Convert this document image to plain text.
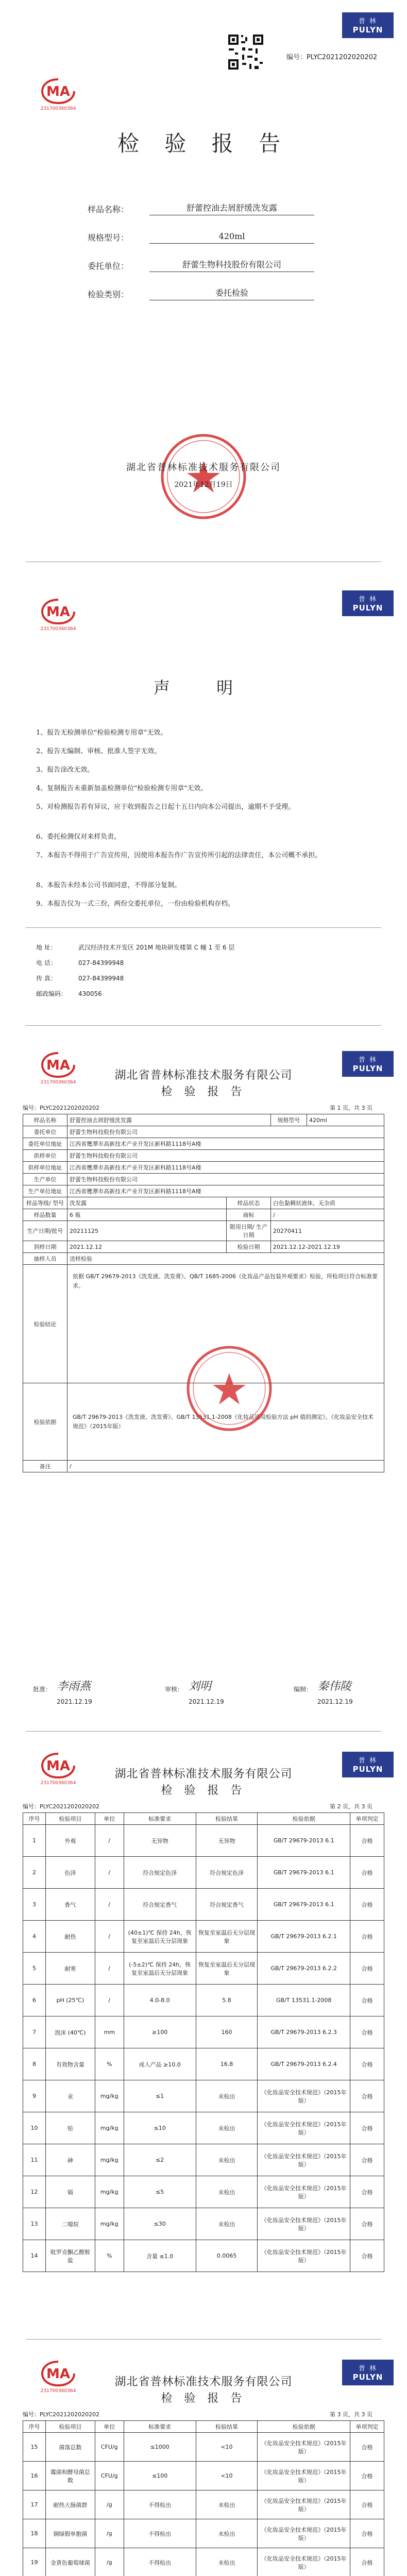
MA
231700360364
普 林
PULYN
编号：PLYC2021202020202
检 验 报 告
样品名称：	舒蕾控油去屑舒缓洗发露
规格型号：	420ml
委托单位：	舒蕾生物科技股份有限公司
检验类别：	委托检验
湖北省普林标准技术服务有限公司
2021年12月19日
MA
231700360364
普 林
PULYN
声 明
1、报告无检测单位"检验检测专用章"无效。
2、报告无编制、审核、批准人签字无效。
3、报告涂改无效。
4、复制报告未重新加盖检测单位"检验检测专用章"无效。
5、对检测报告若有异议，应于收到报告之日起十五日内向本公司提出，逾期不予受理。
6、委托检测仅对来样负责。
7、本报告不得用于广告宣传用，因使用本报告作广告宣传所引起的法律责任，本公司概不承担。
8、本报告未经本公司书面同意，不得部分复制。
9、本报告仅为一式三份，两份交委托单位，一份由检验机构存档。
地 址：	武汉经济技术开发区 201M 地块研发楼第 C 幢 1 至 6 层
电 话：	027-84399948
传 真：	027-84399948
邮政编码： 430056
MA
231700360364
普 林
PULYN
湖北省普林标准技术服务有限公司
检 验 报 告
编号：PLYC2021202020202	第 1 页，共 3 页
样品名称	舒蕾控油去屑舒缓洗发露		规格型号	420ml
委托单位	舒蕾生物科技股份有限公司			
委托单位地址	江西省鹰潭市高新技术产业开发区新科路1118号A楼			
供样单位	舒蕾生物科技股份有限公司			
供样单位地址	江西省鹰潭市高新技术产业开发区新科路1118号A楼			
生产单位	舒蕾生物科技股份有限公司			
生产单位地址	江西省鹰潭市高新技术产业开发区新科路1118号A楼			
样品等级/ 型号	洗发露	样品状态	白色黏稠状液体，无杂质	
样品数量	6 瓶	商标	/	
生产日期/批号	20211125	限用日期/ 生产日期	20270411	
到样日期	2021.12.12	检验日期	2021.12.12-2021.12.19	
抽样人员	送样检验			
检验结论	依据 GB/T 29679-2013《洗发液、洗发膏》、QB/T 1685-2006《化妆品产品包装外观要求》检验，所检项目符合标准要求。			
检验依据	GB/T 29679-2013《洗发液、洗发膏》、GB/T 13531.1-2008《化妆品通用检验方法 pH 值的测定》、《化妆品安全技术规范》（2015年版）			
备注	/			
批准： 李雨燕
2021.12.19
审核： 刘明
2021.12.19
编制： 秦伟陵
2021.12.19
MA
231700360364
普 林
PULYN
湖北省普林标准技术服务有限公司
检 验 报 告
编号：PLYC2021202020202	第 2 页，共 3 页
序号	检验项目	单位	标准要求	检验结果	检验依据	单项判定
1	外观	/	无异物	无异物	GB/T 29679-2013 6.1	合格
2	色泽	/	符合规定色泽	符合规定色泽	GB/T 29679-2013 6.1	合格
3	香气	/	符合规定香气	符合规定香气	GB/T 29679-2013 6.1	合格
4	耐热	/	(40±1)℃ 保持 24h，恢复至室温后无分层现象	恢复至室温后无分层现象	GB/T 29679-2013 6.2.1	合格
5	耐寒	/	(-5±2)℃ 保持 24h，恢复至室温后无分层现象	恢复至室温后无分层现象	GB/T 29679-2013 6.2.2	合格
6	pH (25℃)	/	4.0-8.0	5.8	GB/T 13531.1-2008	合格
7	泡沫 (40℃)	mm	≥100	160	GB/T 29679-2013 6.2.3	合格
8	有效物含量	%	成人产品 ≥10.0	16.8	GB/T 29679-2013 6.2.4	合格
9	汞	mg/kg	≤1	未检出	《化妆品安全技术规范》（2015年版）	合格
10	铅	mg/kg	≤10	未检出	《化妆品安全技术规范》（2015年版）	合格
11	砷	mg/kg	≤2	未检出	《化妆品安全技术规范》（2015年版）	合格
12	镉	mg/kg	≤5	未检出	《化妆品安全技术规范》（2015年版）	合格
13	二噁烷	mg/kg	≤30	未检出	《化妆品安全技术规范》（2015年版）	合格
14	吡罗克酮乙醇胺盐	%	含量 ≤1.0	0.0065	《化妆品安全技术规范》（2015年版）	合格
MA
231700360364
普 林
PULYN
湖北省普林标准技术服务有限公司
检 验 报 告
编号：PLYC2021202020202	第 3 页，共 3 页
序号	检验项目	单位	标准要求	检验结果	检验依据	单项判定
15	菌落总数	CFU/g	≤1000	<10	《化妆品安全技术规范》（2015年版）	合格
16	霉菌和酵母菌总数	CFU/g	≤100	<10	《化妆品安全技术规范》（2015年版）	合格
17	耐热大肠菌群	/g	不得检出	未检出	《化妆品安全技术规范》（2015年版）	合格
18	铜绿假单胞菌	/g	不得检出	未检出	《化妆品安全技术规范》（2015年版）	合格
19	金黄色葡萄球菌	/g	不得检出	未检出	《化妆品安全技术规范》（2015年版）	合格
